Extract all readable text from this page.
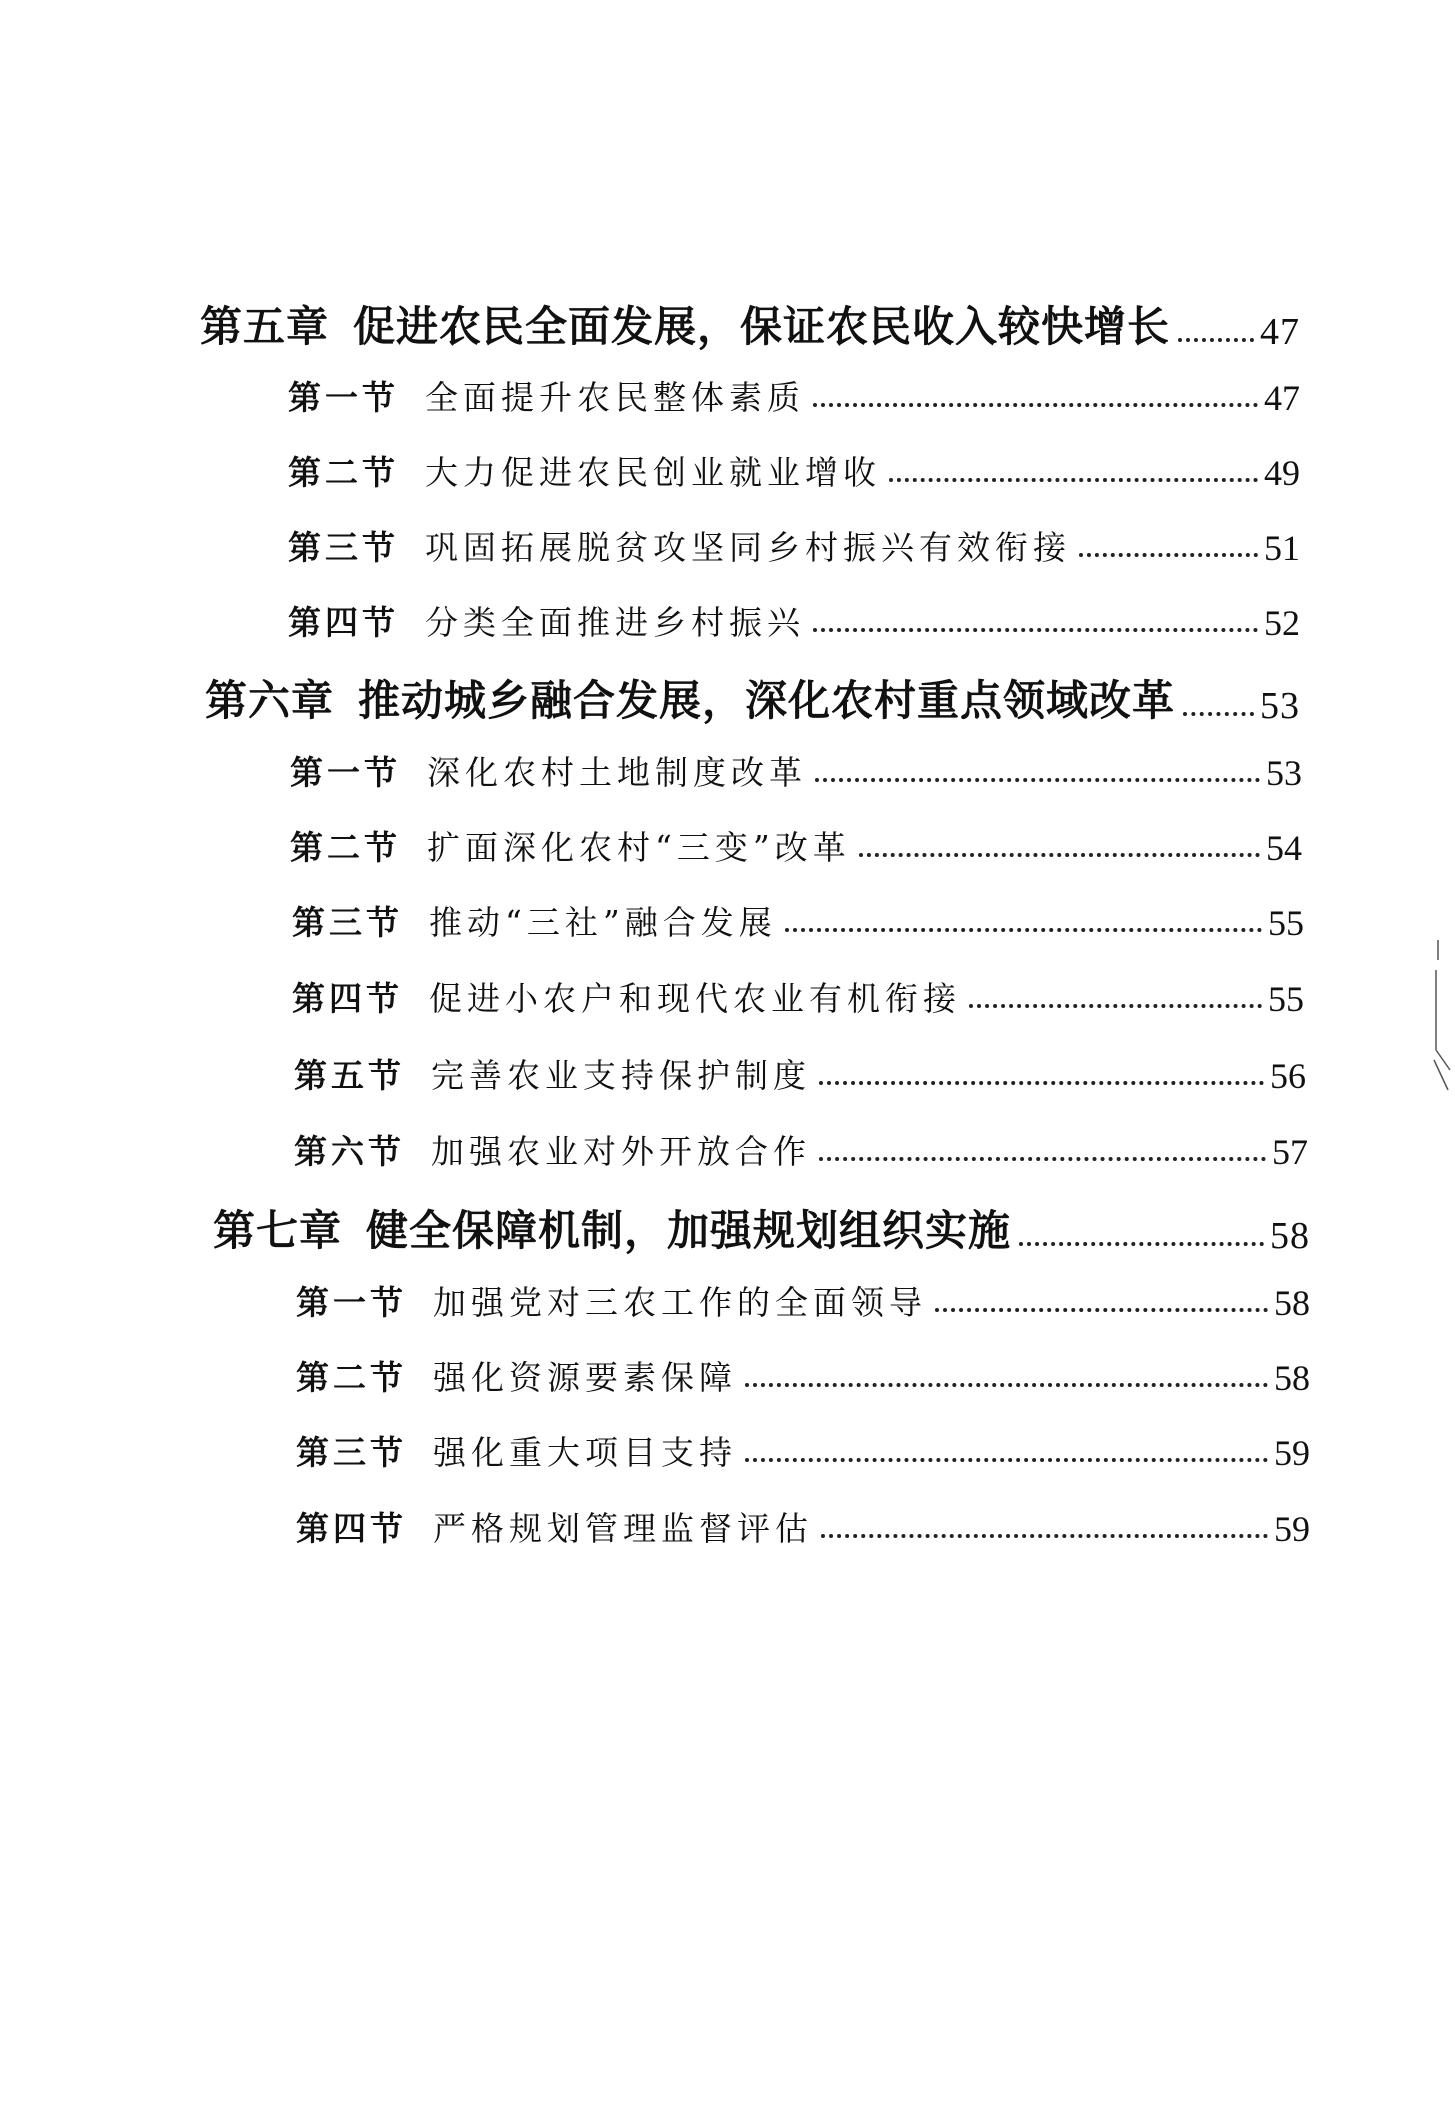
第五章 促进农民全面发展，保证农民收入较快增长 47
第一节 全面提升农民整体素质	47
第二节 大力促进农民创业就业增收	49
第三节 巩固拓展脱贫攻坚同乡村振兴有效衔接	51
第四节 分类全面推进乡村振兴	52
第六章 推动城乡融合发展，深化农村重点领域改革 53
第一节 深化农村土地制度改革	53
第二节 扩面深化农村“三变”改革	54
第三节 推动“三社”融合发展	55
第四节 促进小农户和现代农业有机衔接	55
第五节 完善农业支持保护制度	56
第六节 加强农业对外开放合作	57
第七章 健全保障机制，加强规划组织实施	58
第一节 加强党对三农工作的全面领导	58
第二节 强化资源要素保障	58
第三节 强化重大项目支持	59
第四节 严格规划管理监督评估	59
